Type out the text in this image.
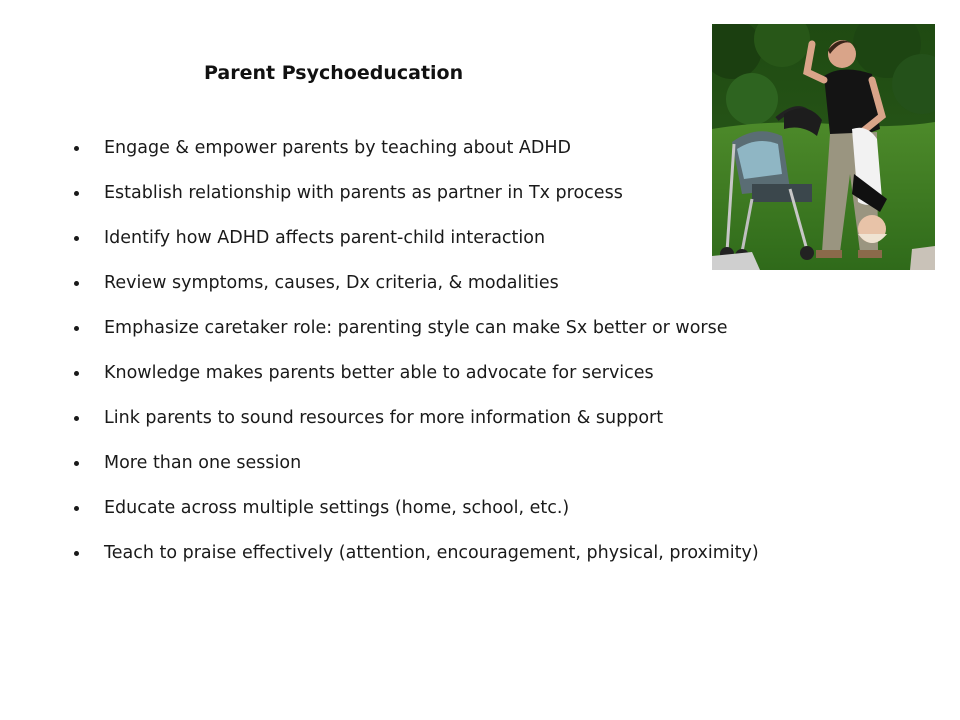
Parent Psychoeducation
Engage & empower parents by teaching about ADHD
Establish relationship with parents as partner in Tx process
Identify how ADHD affects parent-child interaction
Review symptoms, causes, Dx criteria, & modalities
Emphasize caretaker role: parenting style can make Sx better or worse
Knowledge makes parents better able to advocate for services
Link parents to sound resources for more information & support
More than one session
Educate across multiple settings (home, school, etc.)
Teach to praise effectively (attention, encouragement, physical, proximity)
